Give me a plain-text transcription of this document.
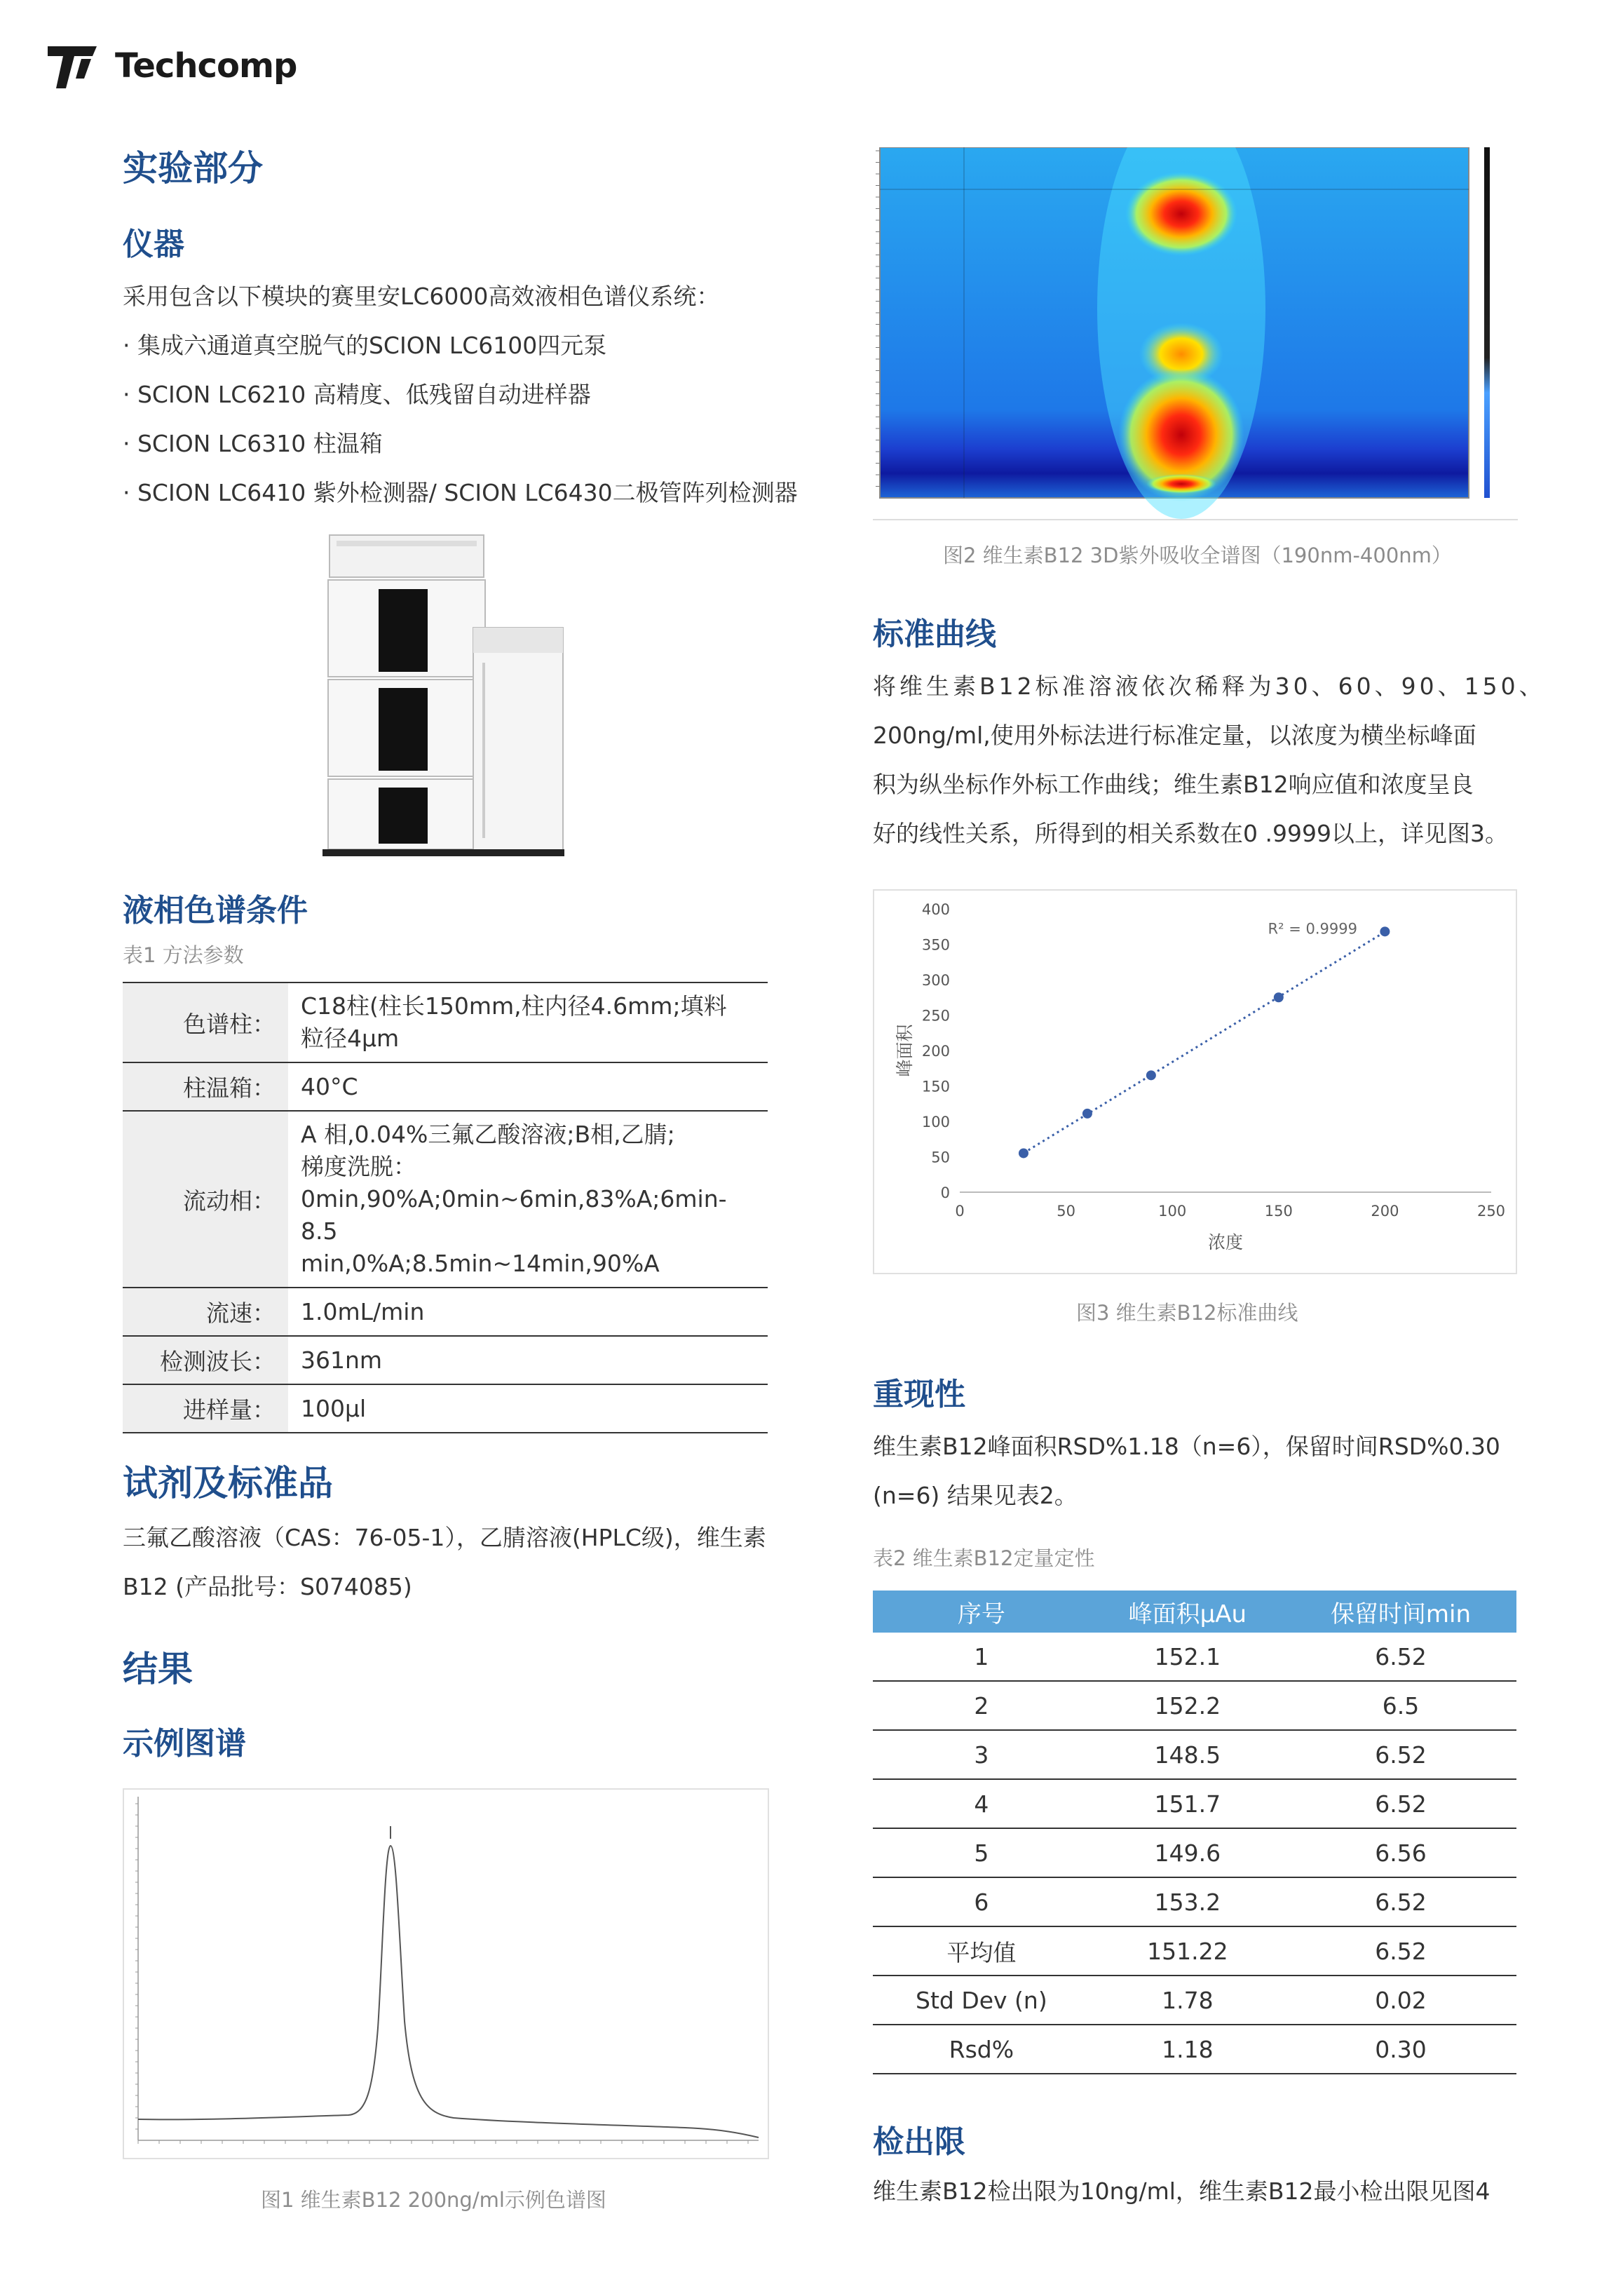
Techcomp
实验部分
仪器
采用包含以下模块的赛里安LC6000高效液相色谱仪系统：
· 集成六通道真空脱气的SCION LC6100四元泵
· SCION LC6210 高精度、低残留自动进样器
· SCION LC6310 柱温箱
· SCION LC6410 紫外检测器/ SCION LC6430二极管阵列检测器
液相色谱条件
表1 方法参数
色谱柱：	C18柱(柱长150mm,柱内径4.6mm;填料
粒径4μm

柱温箱：	40°C

流动相：	A 相,0.04%三氟乙酸溶液;B相,乙腈;
梯度洗脱：
0min,90%A;0min~6min,83%A;6min-8.5
min,0%A;8.5min~14min,90%A

流速：	1.0mL/min

检测波长：	361nm

进样量：	100μl
试剂及标准品
三氟乙酸溶液（CAS：76-05-1），乙腈溶液(HPLC级)，维生素
B12 (产品批号：S074085)
结果
示例图谱
图1 维生素B12 200ng/ml示例色谱图
图2 维生素B12 3D紫外吸收全谱图（190nm-400nm）
标准曲线
将维生素B12标准溶液依次稀释为30、60、90、150、
200ng/ml,使用外标法进行标准定量，以浓度为横坐标峰面
积为纵坐标作外标工作曲线；维生素B12响应值和浓度呈良
好的线性关系，所得到的相关系数在0 .9999以上，详见图3。
0
50
100
150
200
250
300
350
400
0	50	100	150	200	250
R² = 0.9999
浓度
峰面积
图3 维生素B12标准曲线
重现性
维生素B12峰面积RSD%1.18（n=6），保留时间RSD%0.30
(n=6) 结果见表2。
表2 维生素B12定量定性
序号	峰面积μAu	保留时间min
1	152.1	6.52
2	152.2	6.5
3	148.5	6.52
4	151.7	6.52
5	149.6	6.56
6	153.2	6.52
平均值	151.22	6.52
Std Dev (n)	1.78	0.02
Rsd%	1.18	0.30
检出限
维生素B12检出限为10ng/ml，维生素B12最小检出限见图4
